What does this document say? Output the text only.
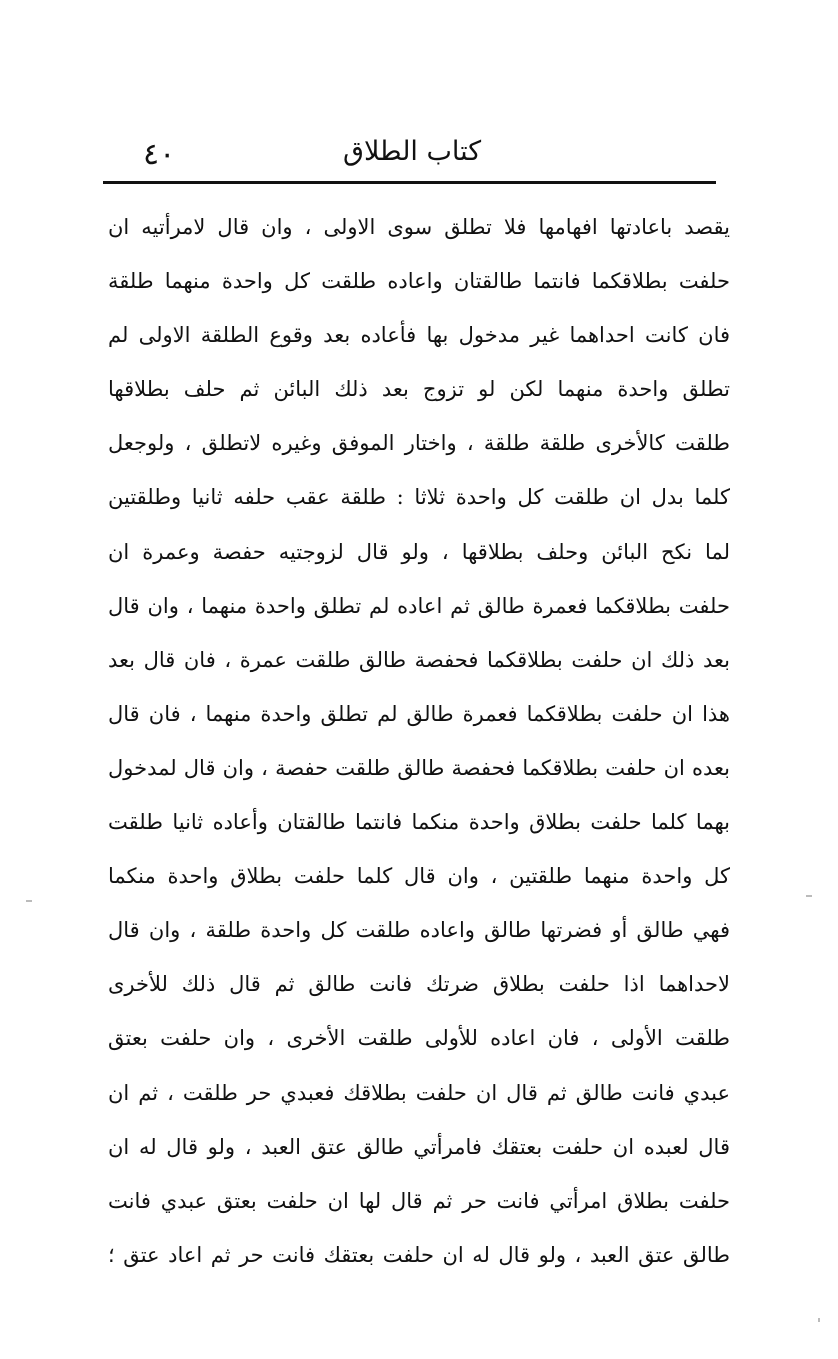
٤٠	كتاب الطلاق
يقصد باعادتها افهامها فلا تطلق سوى الاولى ، وان قال لامرأتيه ان
حلفت بطلاقكما فانتما طالقتان واعاده طلقت كل واحدة منهما طلقة
فان كانت احداهما غير مدخول بها فأعاده بعد وقوع الطلقة الاولى لم
تطلق واحدة منهما لكن لو تزوج بعد ذلك البائن ثم حلف بطلاقها
طلقت كالأخرى طلقة طلقة ، واختار الموفق وغيره لاتطلق ، ولوجعل
كلما بدل ان طلقت كل واحدة ثلاثا : طلقة عقب حلفه ثانيا وطلقتين
لما نكح البائن وحلف بطلاقها ، ولو قال لزوجتيه حفصة وعمرة ان
حلفت بطلاقكما فعمرة طالق ثم اعاده لم تطلق واحدة منهما ، وان قال
بعد ذلك ان حلفت بطلاقكما فحفصة طالق طلقت عمرة ، فان قال بعد
هذا ان حلفت بطلاقكما فعمرة طالق لم تطلق واحدة منهما ، فان قال
بعده ان حلفت بطلاقكما فحفصة طالق طلقت حفصة ، وان قال لمدخول
بهما كلما حلفت بطلاق واحدة منكما فانتما طالقتان وأعاده ثانيا طلقت
كل واحدة منهما طلقتين ، وان قال كلما حلفت بطلاق واحدة منكما
فهي طالق أو فضرتها طالق واعاده طلقت كل واحدة طلقة ، وان قال
لاحداهما اذا حلفت بطلاق ضرتك فانت طالق ثم قال ذلك للأخرى
طلقت الأولى ، فان اعاده للأولى طلقت الأخرى ، وان حلفت بعتق
عبدي فانت طالق ثم قال ان حلفت بطلاقك فعبدي حر طلقت ، ثم ان
قال لعبده ان حلفت بعتقك فامرأتي طالق عتق العبد ، ولو قال له ان
حلفت بطلاق امرأتي فانت حر ثم قال لها ان حلفت بعتق عبدي فانت
طالق عتق العبد ، ولو قال له ان حلفت بعتقك فانت حر ثم اعاد عتق ؛
